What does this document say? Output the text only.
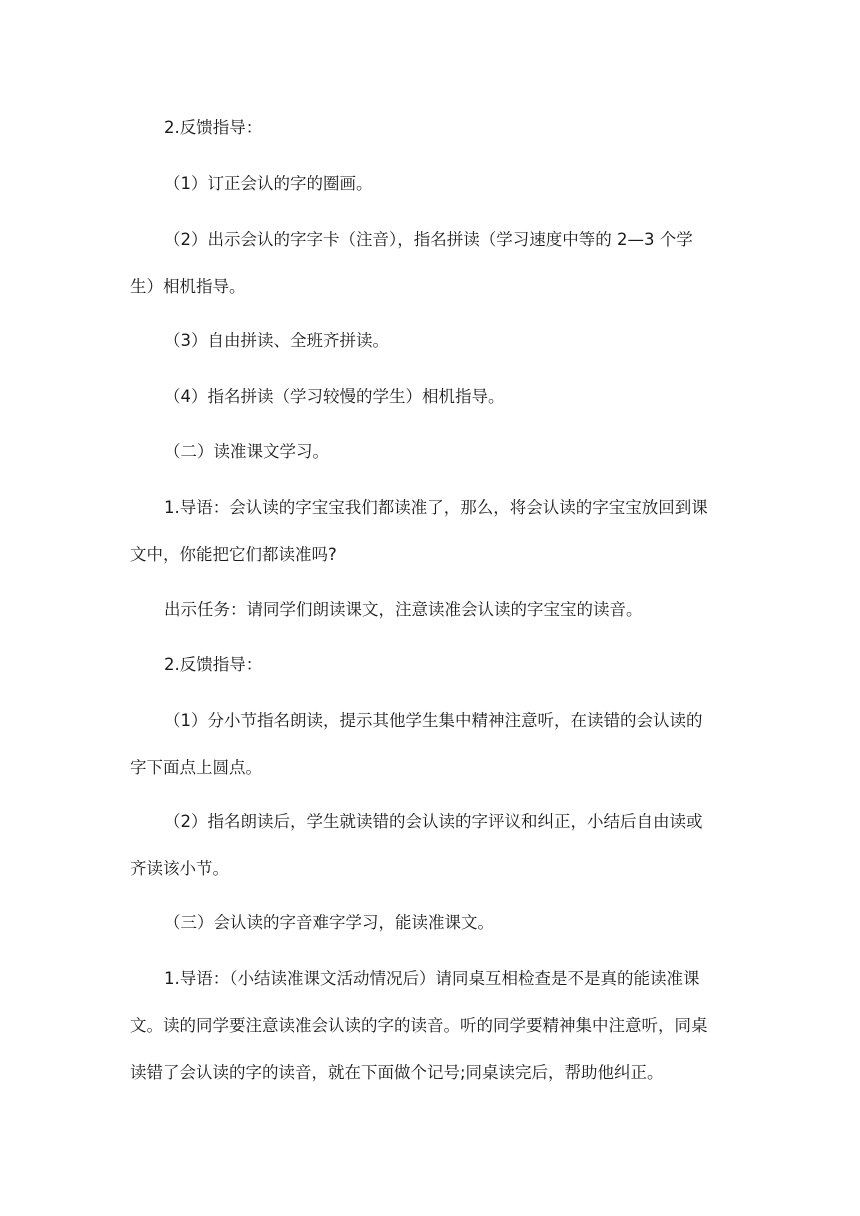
2.反馈指导：

（1）订正会认的字的圈画。

（2）出示会认的字字卡（注音），指名拼读（学习速度中等的 2—3 个学
生）相机指导。

（3）自由拼读、全班齐拼读。

（4）指名拼读（学习较慢的学生）相机指导。

（二）读准课文学习。

1.导语：会认读的字宝宝我们都读准了，那么，将会认读的字宝宝放回到课
文中，你能把它们都读准吗?

出示任务：请同学们朗读课文，注意读准会认读的字宝宝的读音。

2.反馈指导：

（1）分小节指名朗读，提示其他学生集中精神注意听，在读错的会认读的
字下面点上圆点。

（2）指名朗读后，学生就读错的会认读的字评议和纠正，小结后自由读或
齐读该小节。

（三）会认读的字音难字学习，能读准课文。

1.导语：（小结读准课文活动情况后）请同桌互相检查是不是真的能读准课
文。读的同学要注意读准会认读的字的读音。听的同学要精神集中注意听，同桌
读错了会认读的字的读音，就在下面做个记号;同桌读完后，帮助他纠正。
